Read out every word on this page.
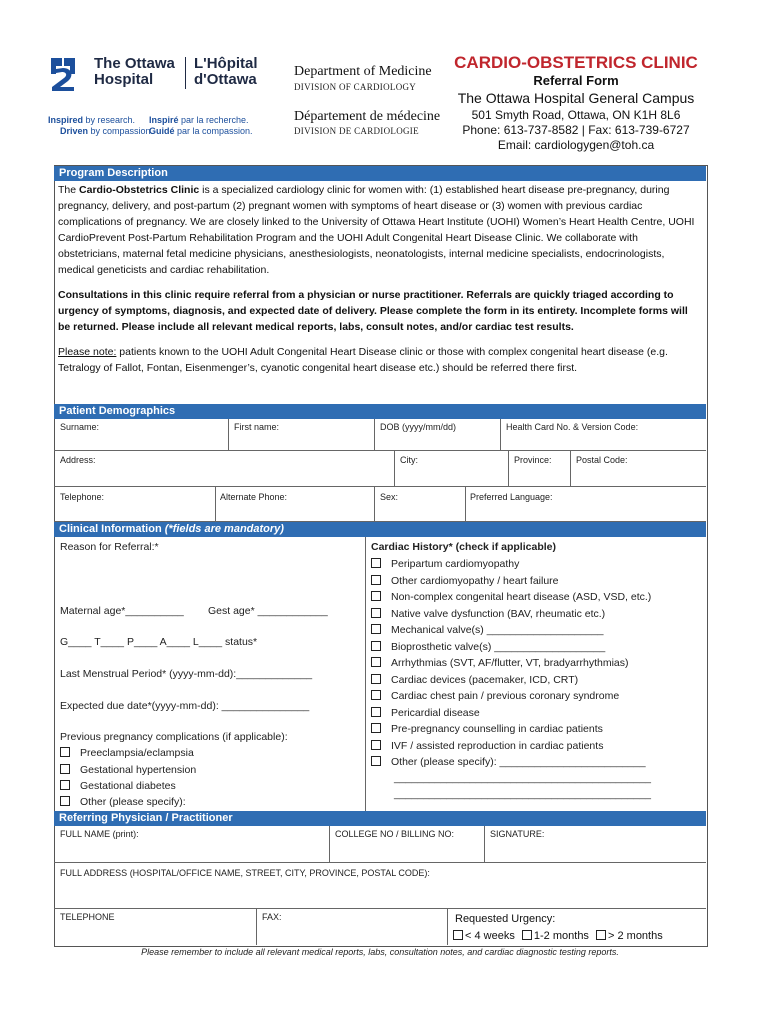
The Ottawa
Hospital
L'Hôpital
d'Ottawa
Inspired by research.
Driven by compassion.
Inspiré par la recherche.
Guidé par la compassion.
Department of Medicine
DIVISION OF CARDIOLOGY
Département de médecine
DIVISION DE CARDIOLOGIE
CARDIO-OBSTETRICS CLINIC
Referral Form
The Ottawa Hospital General Campus
501 Smyth Road, Ottawa, ON K1H 8L6
Phone: 613-737-8582 | Fax: 613-739-6727
Email: cardiologygen@toh.ca
Program Description

The Cardio-Obstetrics Clinic is a specialized cardiology clinic for women with: (1) established heart disease pre-pregnancy, during pregnancy, delivery, and post-partum (2) pregnant women with symptoms of heart disease or (3) women with previous cardiac complications of pregnancy. We are closely linked to the University of Ottawa Heart Institute (UOHI) Women’s Heart Health Centre, UOHI CardioPrevent Post-Partum Rehabilitation Program and the UOHI Adult Congenital Heart Disease Clinic. We collaborate with obstetricians, maternal fetal medicine physicians, anesthesiologists, neonatologists, internal medicine specialists, endocrinologists, medical geneticists and cardiac rehabilitation.

Consultations in this clinic require referral from a physician or nurse practitioner. Referrals are quickly triaged according to urgency of symptoms, diagnosis, and expected date of delivery. Please complete the form in its entirety. Incomplete forms will be returned. Please include all relevant medical reports, labs, consult notes, and/or cardiac test results.

Please note: patients known to the UOHI Adult Congenital Heart Disease clinic or those with complex congenital heart disease (e.g. Tetralogy of Fallot, Fontan, Eisenmenger’s, cyanotic congenital heart disease etc.) should be referred there first.

Patient Demographics
Surname:	First name:	DOB (yyyy/mm/dd)	Health Card No. & Version Code:
Address:	City:	Province:	Postal Code:
Telephone:	Alternate Phone:	Sex:	Preferred Language:
Clinical Information (*fields are mandatory)
Reason for Referral:*
Maternal age*__________ Gest age* ____________
G____ T____ P____ A____ L____ status*
Last Menstrual Period* (yyyy-mm-dd):_____________
Expected due date*(yyyy-mm-dd): _______________
Previous pregnancy complications (if applicable):
Preeclampsia/eclampsia
Gestational hypertension
Gestational diabetes
Other (please specify):
Cardiac History* (check if applicable)
Peripartum cardiomyopathy
Other cardiomyopathy / heart failure
Non-complex congenital heart disease (ASD, VSD, etc.)
Native valve dysfunction (BAV, rheumatic etc.)
Mechanical valve(s) ____________________
Bioprosthetic valve(s) ___________________
Arrhythmias (SVT, AF/flutter, VT, bradyarrhythmias)
Cardiac devices (pacemaker, ICD, CRT)
Cardiac chest pain / previous coronary syndrome
Pericardial disease
Pre-pregnancy counselling in cardiac patients
IVF / assisted reproduction in cardiac patients
Other (please specify): _________________________
____________________________________________
____________________________________________
Referring Physician / Practitioner
FULL NAME (print):	COLLEGE NO / BILLING NO:	SIGNATURE:
FULL ADDRESS (HOSPITAL/OFFICE NAME, STREET, CITY, PROVINCE, POSTAL CODE):
TELEPHONE	FAX:	Requested Urgency:
< 4 weeks 1-2 months > 2 months
Please remember to include all relevant medical reports, labs, consultation notes, and cardiac diagnostic testing reports.
